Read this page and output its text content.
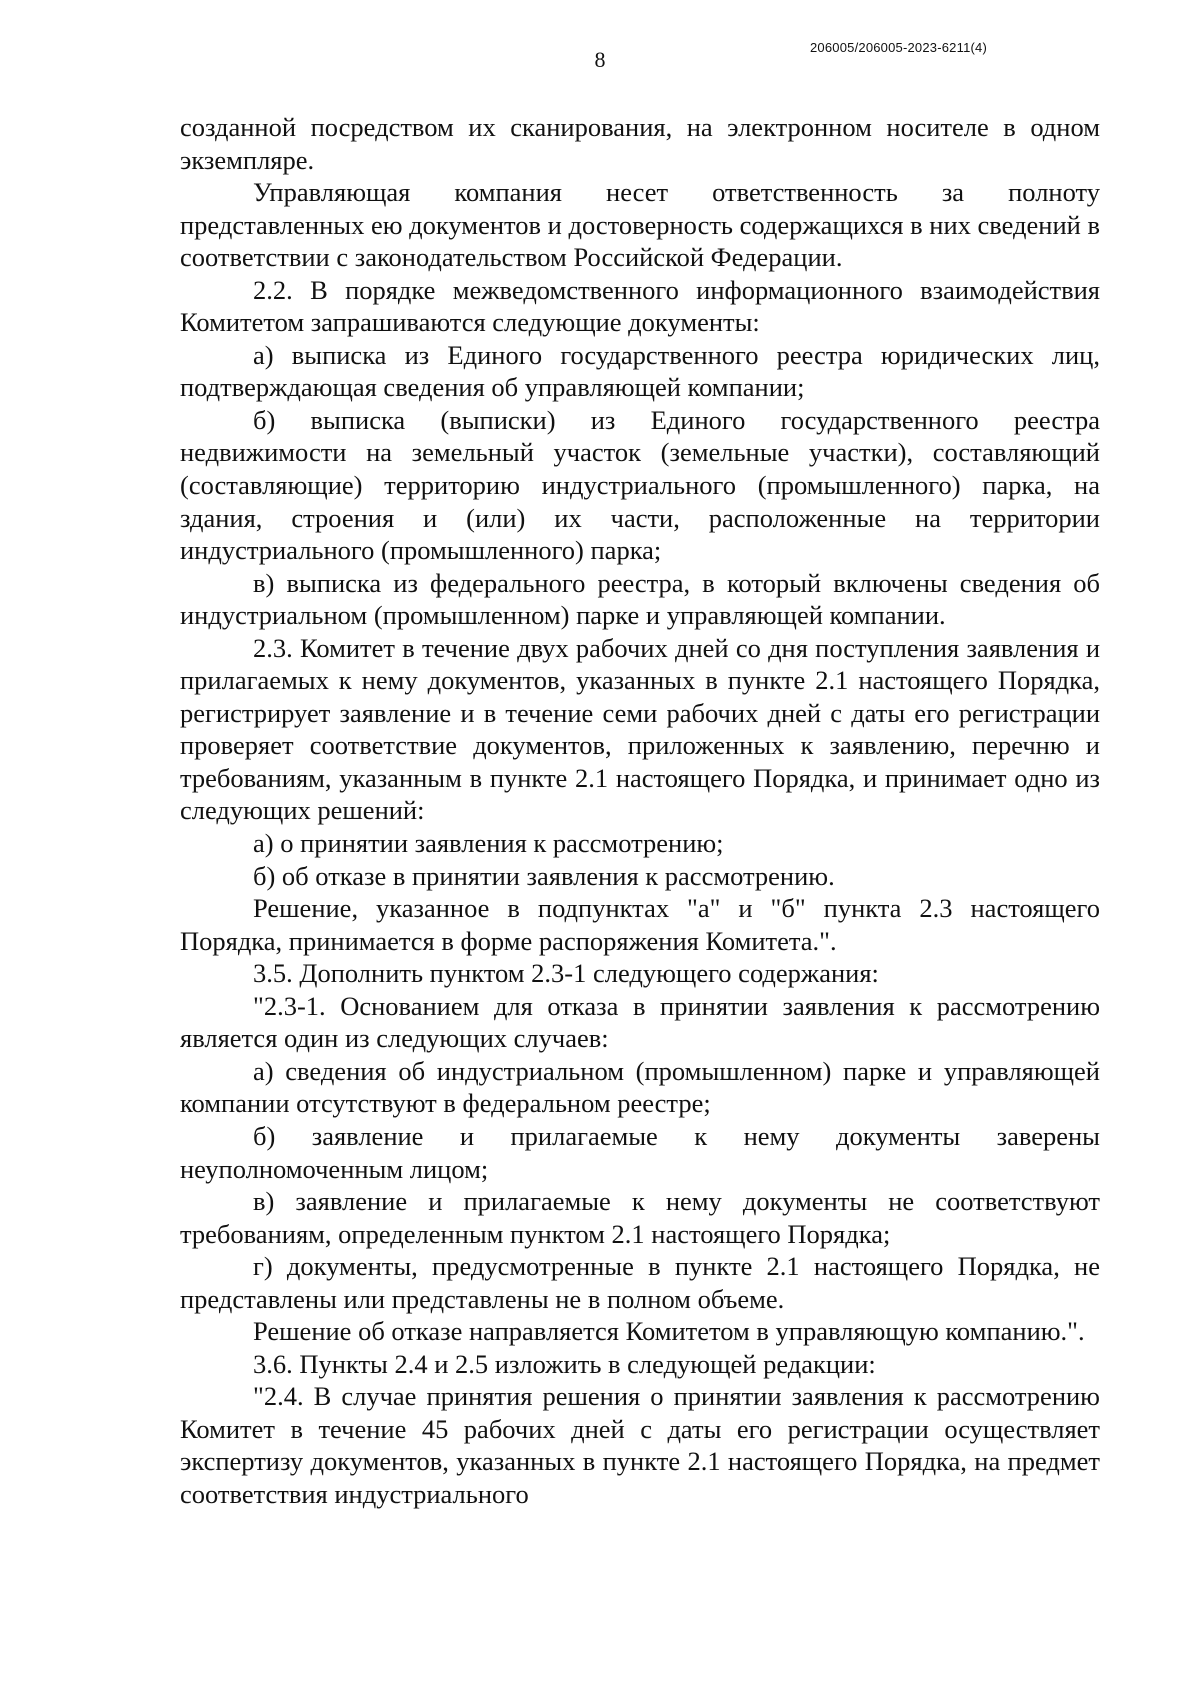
8	206005/206005-2023-6211(4)

созданной посредством их сканирования, на электронном носителе в одном экземпляре.

Управляющая компания несет ответственность за полноту представленных ею документов и достоверность содержащихся в них сведений в соответствии с законодательством Российской Федерации.

2.2. В порядке межведомственного информационного взаимодействия Комитетом запрашиваются следующие документы:

а) выписка из Единого государственного реестра юридических лиц, подтверждающая сведения об управляющей компании;

б) выписка (выписки) из Единого государственного реестра недвижимости на земельный участок (земельные участки), составляющий (составляющие) территорию индустриального (промышленного) парка, на здания, строения и (или) их части, расположенные на территории индустриального (промышленного) парка;

в) выписка из федерального реестра, в который включены сведения об индустриальном (промышленном) парке и управляющей компании.

2.3. Комитет в течение двух рабочих дней со дня поступления заявления и прилагаемых к нему документов, указанных в пункте 2.1 настоящего Порядка, регистрирует заявление и в течение семи рабочих дней с даты его регистрации проверяет соответствие документов, приложенных к заявлению, перечню и требованиям, указанным в пункте 2.1 настоящего Порядка, и принимает одно из следующих решений:

а) о принятии заявления к рассмотрению;

б) об отказе в принятии заявления к рассмотрению.

Решение, указанное в подпунктах "а" и "б" пункта 2.3 настоящего Порядка, принимается в форме распоряжения Комитета.".

3.5. Дополнить пунктом 2.3-1 следующего содержания:

"2.3-1. Основанием для отказа в принятии заявления к рассмотрению является один из следующих случаев:

а) сведения об индустриальном (промышленном) парке и управляющей компании отсутствуют в федеральном реестре;

б) заявление и прилагаемые к нему документы заверены неуполномоченным лицом;

в) заявление и прилагаемые к нему документы не соответствуют требованиям, определенным пунктом 2.1 настоящего Порядка;

г) документы, предусмотренные в пункте 2.1 настоящего Порядка, не представлены или представлены не в полном объеме.

Решение об отказе направляется Комитетом в управляющую компанию.".

3.6. Пункты 2.4 и 2.5 изложить в следующей редакции:

"2.4. В случае принятия решения о принятии заявления к рассмотрению Комитет в течение 45 рабочих дней с даты его регистрации осуществляет экспертизу документов, указанных в пункте 2.1 настоящего Порядка, на предмет соответствия индустриального
